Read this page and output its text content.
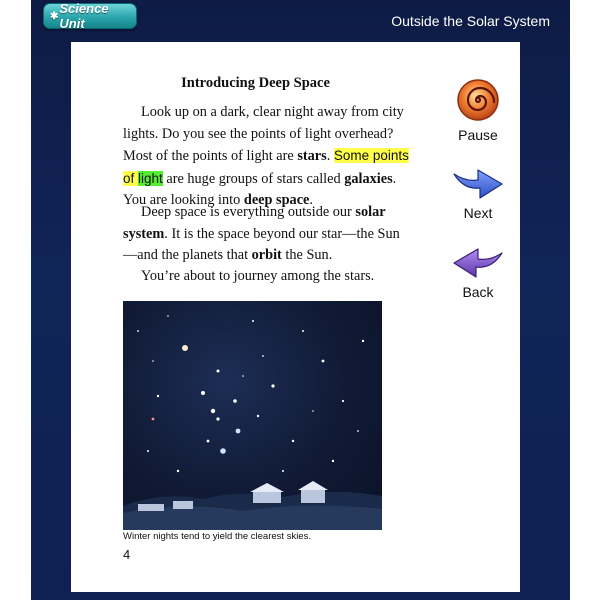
✱ Science Unit	Outside the Solar System
Introducing Deep Space

Look up on a dark, clear night away from city lights. Do you see the points of light overhead? Most of the points of light are stars. Some points of light are huge groups of stars called galaxies. You are looking into deep space.

Deep space is everything outside our solar system. It is the space beyond our star—the Sun—and the planets that orbit the Sun.

You’re about to journey among the stars.

Winter nights tend to yield the clearest skies.
4
Pause
Next
Back
